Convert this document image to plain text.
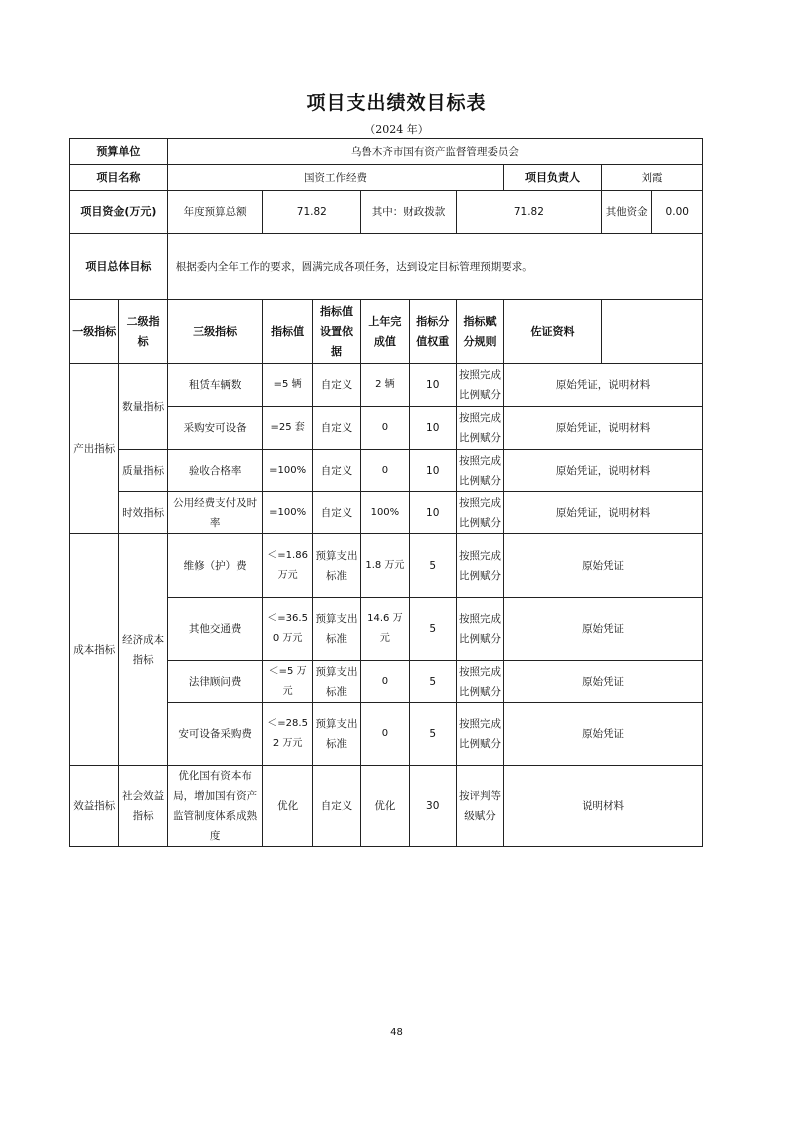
项目支出绩效目标表
（2024 年）
预算单位		乌鲁木齐市国有资产监督管理委员会							
项目名称		国资工作经费						项目负责人	刘霞
项目资金(万元)		年度预算总额	71.82		其中：财政拨款		71.82		其他资金 0.00

项目总体目标		根据委内全年工作的要求，圆满完成各项任务，达到设定目标管理预期要求。							
一级指标	二级指标	三级指标	指标值	指标值设置依据	上年完成值	指标分值权重	指标赋分规则	佐证资料	
产出指标	数量指标	租赁车辆数	=5 辆	自定义	2 辆	10	按照完成比例赋分	原始凭证，说明材料	
		采购安可设备	=25 套	自定义	0	10	按照完成比例赋分	原始凭证，说明材料	
	质量指标	验收合格率	=100%	自定义	0	10	按照完成比例赋分	原始凭证，说明材料	
	时效指标	公用经费支付及时率	=100%	自定义	100%	10	按照完成比例赋分	原始凭证，说明材料	
成本指标	经济成本指标	维修（护）费	＜=1.86 万元	预算支出标准	1.8 万元	5	按照完成比例赋分	原始凭证	
		其他交通费	＜=36.50 万元	预算支出标准	14.6 万元	5	按照完成比例赋分	原始凭证	
		法律顾问费	＜=5 万元	预算支出标准	0	5	按照完成比例赋分	原始凭证	
		安可设备采购费	＜=28.52 万元	预算支出标准	0	5	按照完成比例赋分	原始凭证	
效益指标	社会效益指标	优化国有资本布局，增加国有资产监管制度体系成熟度	优化	自定义	优化	30	按评判等级赋分	说明材料	
48
